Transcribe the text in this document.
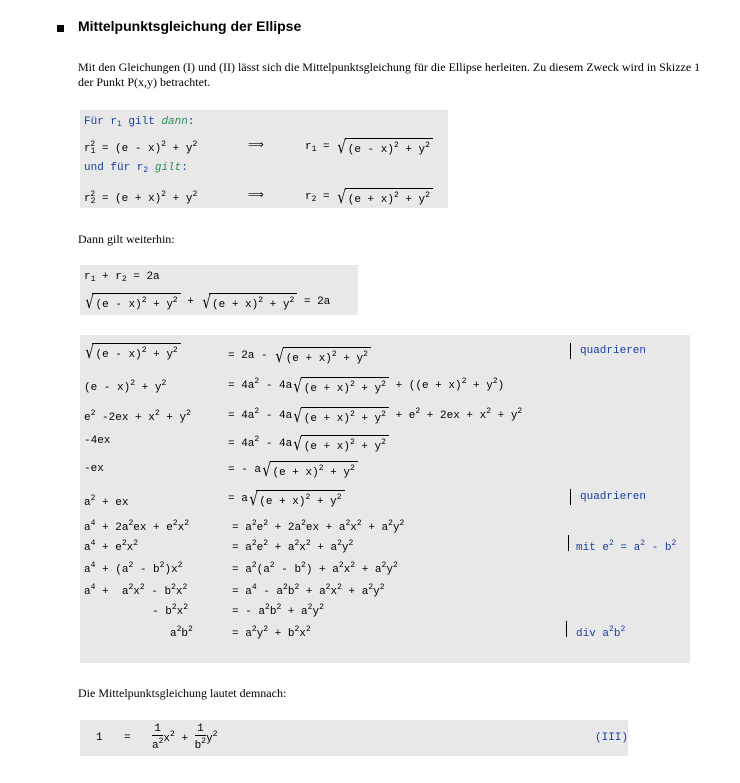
Mittelpunktsgleichung der Ellipse
Mit den Gleichungen (I) und (II) lässt sich die Mittelpunktsgleichung für die Ellipse herleiten. Zu diesem Zweck wird in Skizze 1 der Punkt P(x,y) betrachtet.
Für $r_1$ gilt dann:
$r_1^2 = (e - x)^2 + y^2$	⟹	$r_1 = √(e - x)^2 + y^2$
und für $r_2$ gilt:
$r_2^2 = (e + x)^2 + y^2$	⟹	$r_2 = √(e + x)^2 + y^2$
Dann gilt weiterhin:
$r_1 + r_2 = 2a$
$√(e - x)^2 + y^2 + √(e + x)^2 + y^2 = 2a$
$√(e - x)^2 + y^2$	= $2a - √(e + x)^2 + y^2$	quadrieren
$(e - x)^2 + y^2$	= $4a^2 - 4a√(e + x)^2 + y^2 + ((e + x)^2 + y^2)$
$e^2$ $-2ex + x^2 + y^2$	= $4a^2 - 4a√(e + x)^2 + y^2 + e^2 + 2ex + x^2 + y^2$
-4ex	= $4a^2 - 4a√(e + x)^2 + y^2$
-ex	= - $a√(e + x)^2 + y^2$
$a^2$ + ex	= $a√(e + x)^2 + y^2$	quadrieren
$a^4 + 2a^2ex + e^2x^2$	= $a^2e^2 + 2a^2ex + a^2x^2 + a^2y^2$
$a^4 + e^2x^2$	= $a^2e^2 + a^2x^2 + a^2y^2$	mit $e^2 = a^2 - b^2$
$a^4 + (a^2 - b^2)x^2$	= $a^2(a^2 - b^2) + a^2x^2 + a^2y^2$
$a^4 + a^2x^2 - b^2x^2$	= $a^4 - a^2b^2 + a^2x^2 + a^2y^2$
- $b^2x^2$	= - $a^2b^2 + a^2y^2$
$a^2b^2$	= $a^2y^2 + b^2x^2$	div $a^2b^2$
Die Mittelpunktsgleichung lautet demnach:
$1 = \frac{1}{a^2} x^2 + \frac{1}{b^2} y^2$	(III)
